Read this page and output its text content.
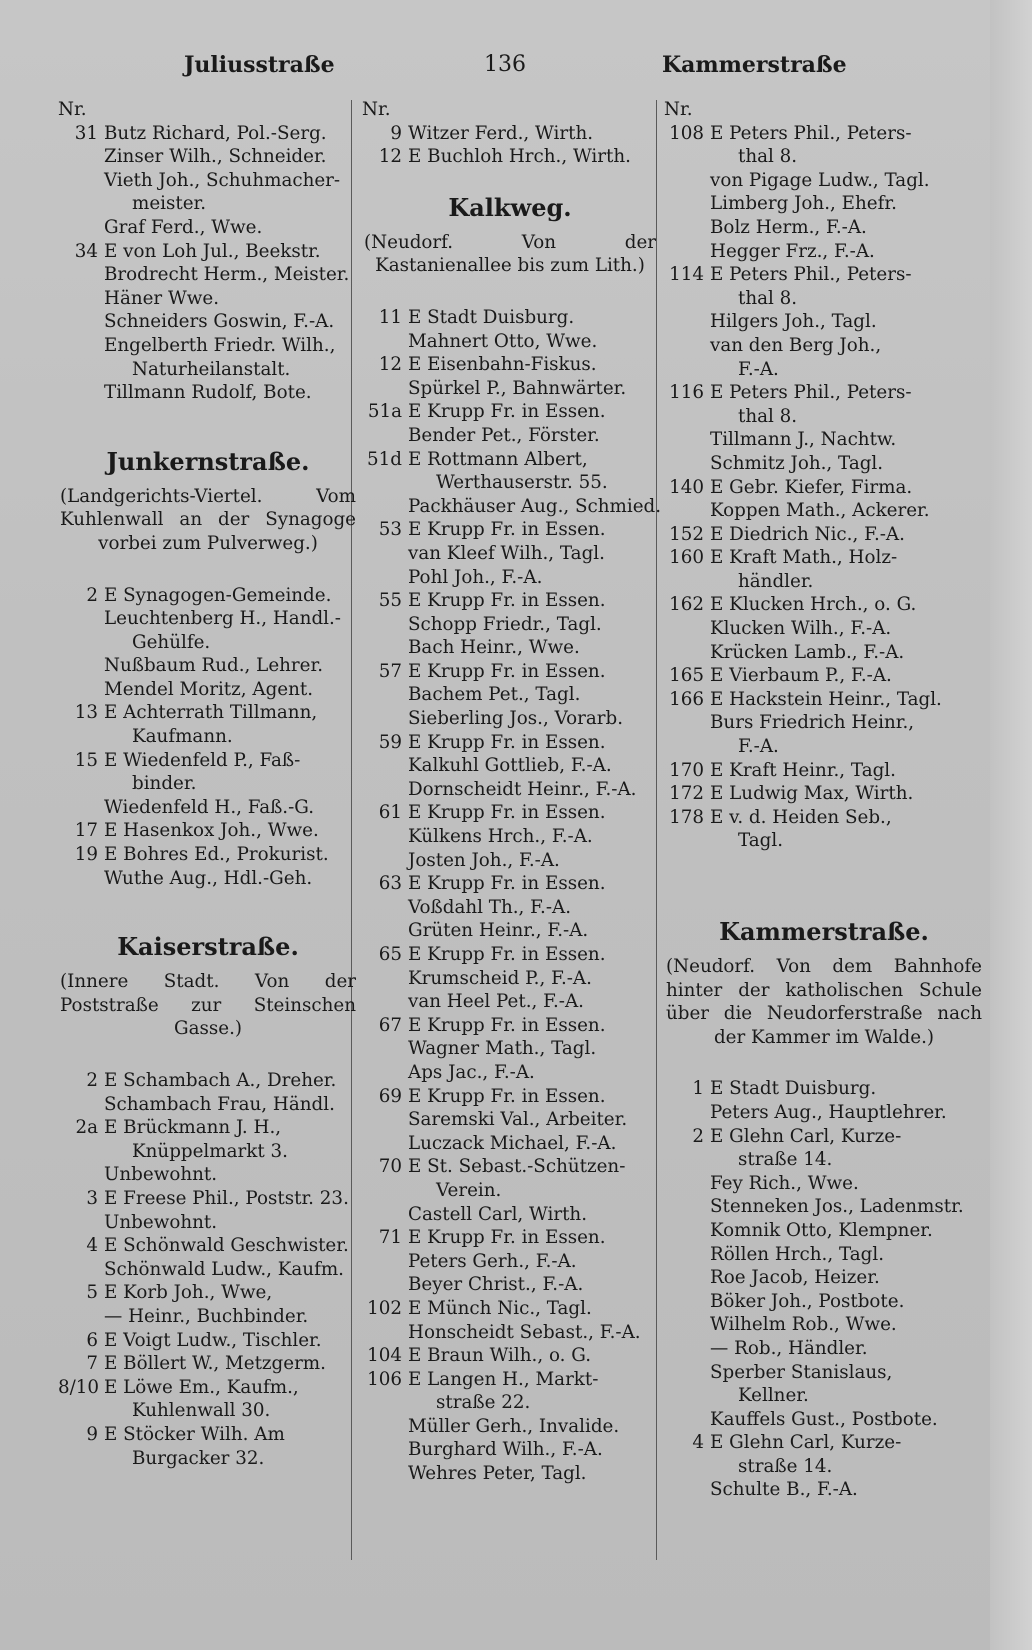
Juliusstraße	136	Kammerstraße
Nr.
31 Butz Richard, Pol.-Serg.
Zinser Wilh., Schneider.
Vieth Joh., Schuhmacher-
meister.
Graf Ferd., Wwe.
34 E von Loh Jul., Beekstr.
Brodrecht Herm., Meister.
Häner Wwe.
Schneiders Goswin, F.-A.
Engelberth Friedr. Wilh.,
Naturheilanstalt.
Tillmann Rudolf, Bote.
Junkernstraße.
(Landgerichts-Viertel. Vom Kuhlenwall an der Synagoge vorbei zum Pulverweg.)
2 E Synagogen-Gemeinde.
Leuchtenberg H., Handl.-
Gehülfe.
Nußbaum Rud., Lehrer.
Mendel Moritz, Agent.
13 E Achterrath Tillmann,
Kaufmann.
15 E Wiedenfeld P., Faß-
binder.
Wiedenfeld H., Faß.-G.
17 E Hasenkox Joh., Wwe.
19 E Bohres Ed., Prokurist.
Wuthe Aug., Hdl.-Geh.
Kaiserstraße.
(Innere Stadt. Von der Poststraße zur Steinschen Gasse.)
2 E Schambach A., Dreher.
Schambach Frau, Händl.
2a E Brückmann J. H.,
Knüppelmarkt 3.
Unbewohnt.
3 E Freese Phil., Poststr. 23.
Unbewohnt.
4 E Schönwald Geschwister.
Schönwald Ludw., Kaufm.
5 E Korb Joh., Wwe,
— Heinr., Buchbinder.
6 E Voigt Ludw., Tischler.
7 E Böllert W., Metzgerm.
8/10 E Löwe Em., Kaufm.,
Kuhlenwall 30.
9 E Stöcker Wilh. Am
Burgacker 32.
Nr.
9 Witzer Ferd., Wirth.
12 E Buchloh Hrch., Wirth.
Kalkweg.
(Neudorf. Von der Kastanienallee bis zum Lith.)
11 E Stadt Duisburg.
Mahnert Otto, Wwe.
12 E Eisenbahn-Fiskus.
Spürkel P., Bahnwärter.
51a E Krupp Fr. in Essen.
Bender Pet., Förster.
51d E Rottmann Albert,
Werthauserstr. 55.
Packhäuser Aug., Schmied.
53 E Krupp Fr. in Essen.
van Kleef Wilh., Tagl.
Pohl Joh., F.-A.
55 E Krupp Fr. in Essen.
Schopp Friedr., Tagl.
Bach Heinr., Wwe.
57 E Krupp Fr. in Essen.
Bachem Pet., Tagl.
Sieberling Jos., Vorarb.
59 E Krupp Fr. in Essen.
Kalkuhl Gottlieb, F.-A.
Dornscheidt Heinr., F.-A.
61 E Krupp Fr. in Essen.
Külkens Hrch., F.-A.
Josten Joh., F.-A.
63 E Krupp Fr. in Essen.
Voßdahl Th., F.-A.
Grüten Heinr., F.-A.
65 E Krupp Fr. in Essen.
Krumscheid P., F.-A.
van Heel Pet., F.-A.
67 E Krupp Fr. in Essen.
Wagner Math., Tagl.
Aps Jac., F.-A.
69 E Krupp Fr. in Essen.
Saremski Val., Arbeiter.
Luczack Michael, F.-A.
70 E St. Sebast.-Schützen-
Verein.
Castell Carl, Wirth.
71 E Krupp Fr. in Essen.
Peters Gerh., F.-A.
Beyer Christ., F.-A.
102 E Münch Nic., Tagl.
Honscheidt Sebast., F.-A.
104 E Braun Wilh., o. G.
106 E Langen H., Markt-
straße 22.
Müller Gerh., Invalide.
Burghard Wilh., F.-A.
Wehres Peter, Tagl.
Nr.
108 E Peters Phil., Peters-
thal 8.
von Pigage Ludw., Tagl.
Limberg Joh., Ehefr.
Bolz Herm., F.-A.
Hegger Frz., F.-A.
114 E Peters Phil., Peters-
thal 8.
Hilgers Joh., Tagl.
van den Berg Joh.,
F.-A.
116 E Peters Phil., Peters-
thal 8.
Tillmann J., Nachtw.
Schmitz Joh., Tagl.
140 E Gebr. Kiefer, Firma.
Koppen Math., Ackerer.
152 E Diedrich Nic., F.-A.
160 E Kraft Math., Holz-
händler.
162 E Klucken Hrch., o. G.
Klucken Wilh., F.-A.
Krücken Lamb., F.-A.
165 E Vierbaum P., F.-A.
166 E Hackstein Heinr., Tagl.
Burs Friedrich Heinr.,
F.-A.
170 E Kraft Heinr., Tagl.
172 E Ludwig Max, Wirth.
178 E v. d. Heiden Seb.,
Tagl.
Kammerstraße.
(Neudorf. Von dem Bahnhofe hinter der katholischen Schule über die Neudorferstraße nach der Kammer im Walde.)
1 E Stadt Duisburg.
Peters Aug., Hauptlehrer.
2 E Glehn Carl, Kurze-
straße 14.
Fey Rich., Wwe.
Stenneken Jos., Ladenmstr.
Komnik Otto, Klempner.
Röllen Hrch., Tagl.
Roe Jacob, Heizer.
Böker Joh., Postbote.
Wilhelm Rob., Wwe.
— Rob., Händler.
Sperber Stanislaus,
Kellner.
Kauffels Gust., Postbote.
4 E Glehn Carl, Kurze-
straße 14.
Schulte B., F.-A.
